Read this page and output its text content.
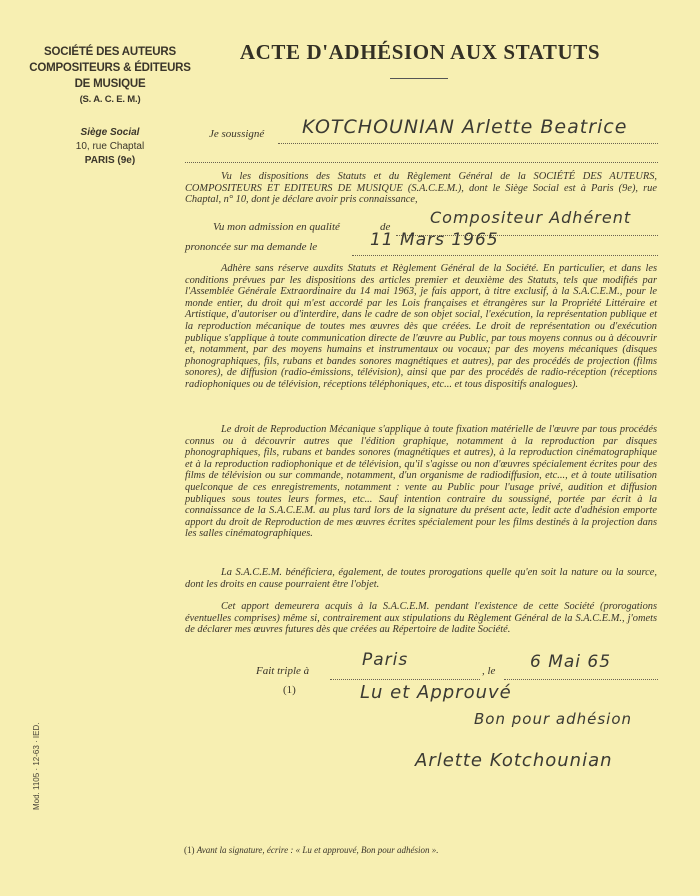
SOCIÉTÉ DES AUTEURS
COMPOSITEURS & ÉDITEURS
DE MUSIQUE
(S. A. C. E. M.)
Siège Social
10, rue Chaptal
PARIS (9e)
ACTE D'ADHÉSION AUX STATUTS
Je soussigné KOTCHOUNIAN Arlette Beatrice

Vu les dispositions des Statuts et du Règlement Général de la SOCIÉTÉ DES AUTEURS, COMPOSITEURS ET EDITEURS DE MUSIQUE (S.A.C.E.M.), dont le Siège Social est à Paris (9e), rue Chaptal, n° 10, dont je déclare avoir pris connaissance,

Vu mon admission en qualité	de Compositeur Adhérent
prononcée sur ma demande le	11 Mars 1965

Adhère sans réserve auxdits Statuts et Règlement Général de la Société. En particulier, et dans les conditions prévues par les dispositions des articles premier et deuxième des Statuts, tels que modifiés par l'Assemblée Générale Extraordinaire du 14 mai 1963, je fais apport, à titre exclusif, à la S.A.C.E.M., pour le monde entier, du droit qui m'est accordé par les Lois françaises et étrangères sur la Propriété Littéraire et Artistique, d'autoriser ou d'interdire, dans le cadre de son objet social, l'exécution, la représentation publique et la reproduction mécanique de toutes mes œuvres dès que créées. Le droit de représentation ou d'exécution publique s'applique à toute communication directe de l'œuvre au Public, par tous moyens connus ou à découvrir et, notamment, par des moyens humains et instrumentaux ou vocaux; par des moyens mécaniques (disques phonographiques, fils, rubans et bandes sonores magnétiques et autres), par des procédés de projection (films sonores), de diffusion (radio-émissions, télévision), ainsi que par des procédés de radio-réception (réceptions radiophoniques ou de télévision, réceptions téléphoniques, etc... et tous dispositifs analogues).

Le droit de Reproduction Mécanique s'applique à toute fixation matérielle de l'œuvre par tous procédés connus ou à découvrir autres que l'édition graphique, notamment à la reproduction par disques phonographiques, fils, rubans et bandes sonores (magnétiques et autres), à la reproduction cinématographique et à la reproduction radiophonique et de télévision, qu'il s'agisse ou non d'œuvres spécialement écrites pour des films de télévision ou sur commande, notamment, d'un organisme de radiodiffusion, etc..., et à toute utilisation quelconque de ces enregistrements, notamment : vente au Public pour l'usage privé, audition et diffusion publiques sous toutes leurs formes, etc... Sauf intention contraire du soussigné, portée par écrit à la connaissance de la S.A.C.E.M. au plus tard lors de la signature du présent acte, ledit acte d'adhésion emporte apport du droit de Reproduction de mes œuvres écrites spécialement pour les films destinés à la projection dans les salles cinématographiques.

La S.A.C.E.M. bénéficiera, également, de toutes prorogations quelle qu'en soit la nature ou la source, dont les droits en cause pourraient être l'objet.

Cet apport demeurera acquis à la S.A.C.E.M. pendant l'existence de cette Société (prorogations éventuelles comprises) même si, contrairement aux stipulations du Règlement Général de la S.A.C.E.M., j'omets de déclarer mes œuvres futures dès que créées au Répertoire de ladite Société.

Fait triple à
Paris
, le 6 Mai 65
(1)	Lu et Approuvé
Bon pour adhésion
Arlette Kotchounian
(1) Avant la signature, écrire : « Lu et approuvé, Bon pour adhésion ».
Mod. 1105 · 12-63 · IED.
